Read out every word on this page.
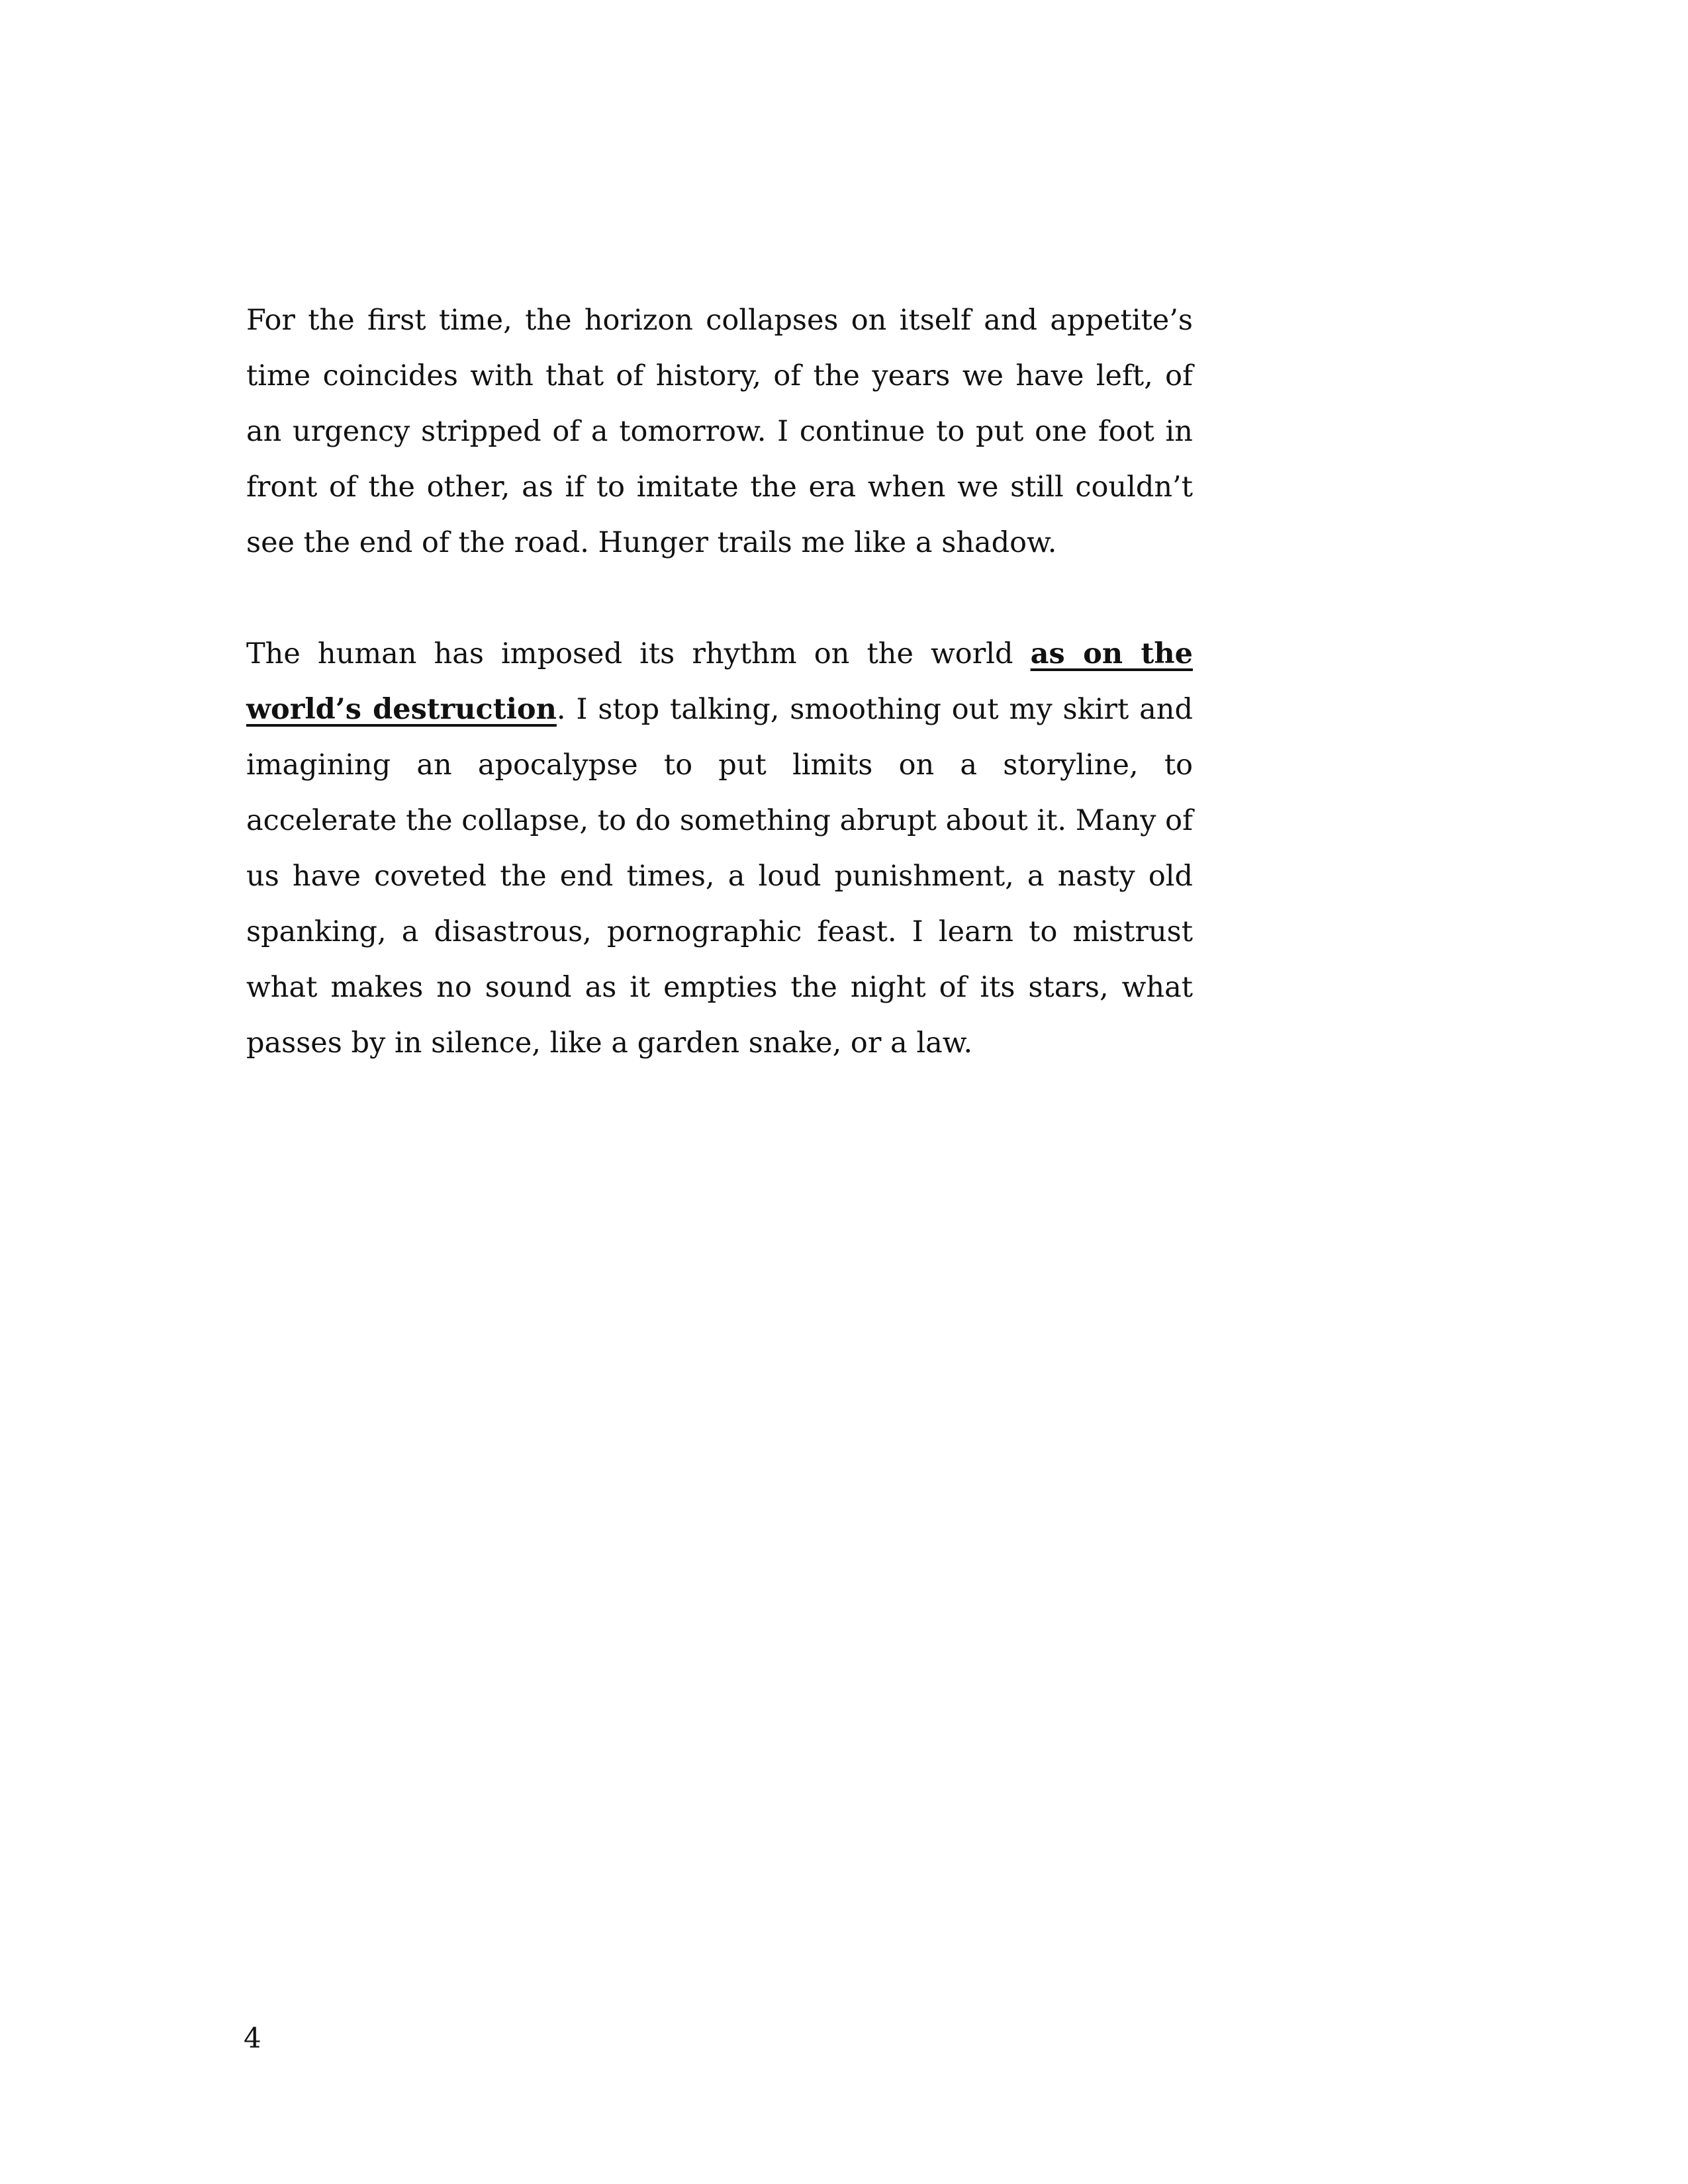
For the first time, the horizon collapses on itself and appetite’s time coincides with that of history, of the years we have left, of an urgency stripped of a tomorrow. I continue to put one foot in front of the other, as if to imitate the era when we still couldn’t see the end of the road. Hunger trails me like a shadow.

The human has imposed its rhythm on the world as on the world’s destruction. I stop talking, smoothing out my skirt and imagining an apocalypse to put limits on a storyline, to accelerate the collapse, to do something abrupt about it. Many of us have coveted the end times, a loud punishment, a nasty old spanking, a disastrous, pornographic feast. I learn to mistrust what makes no sound as it empties the night of its stars, what passes by in silence, like a garden snake, or a law.

4
